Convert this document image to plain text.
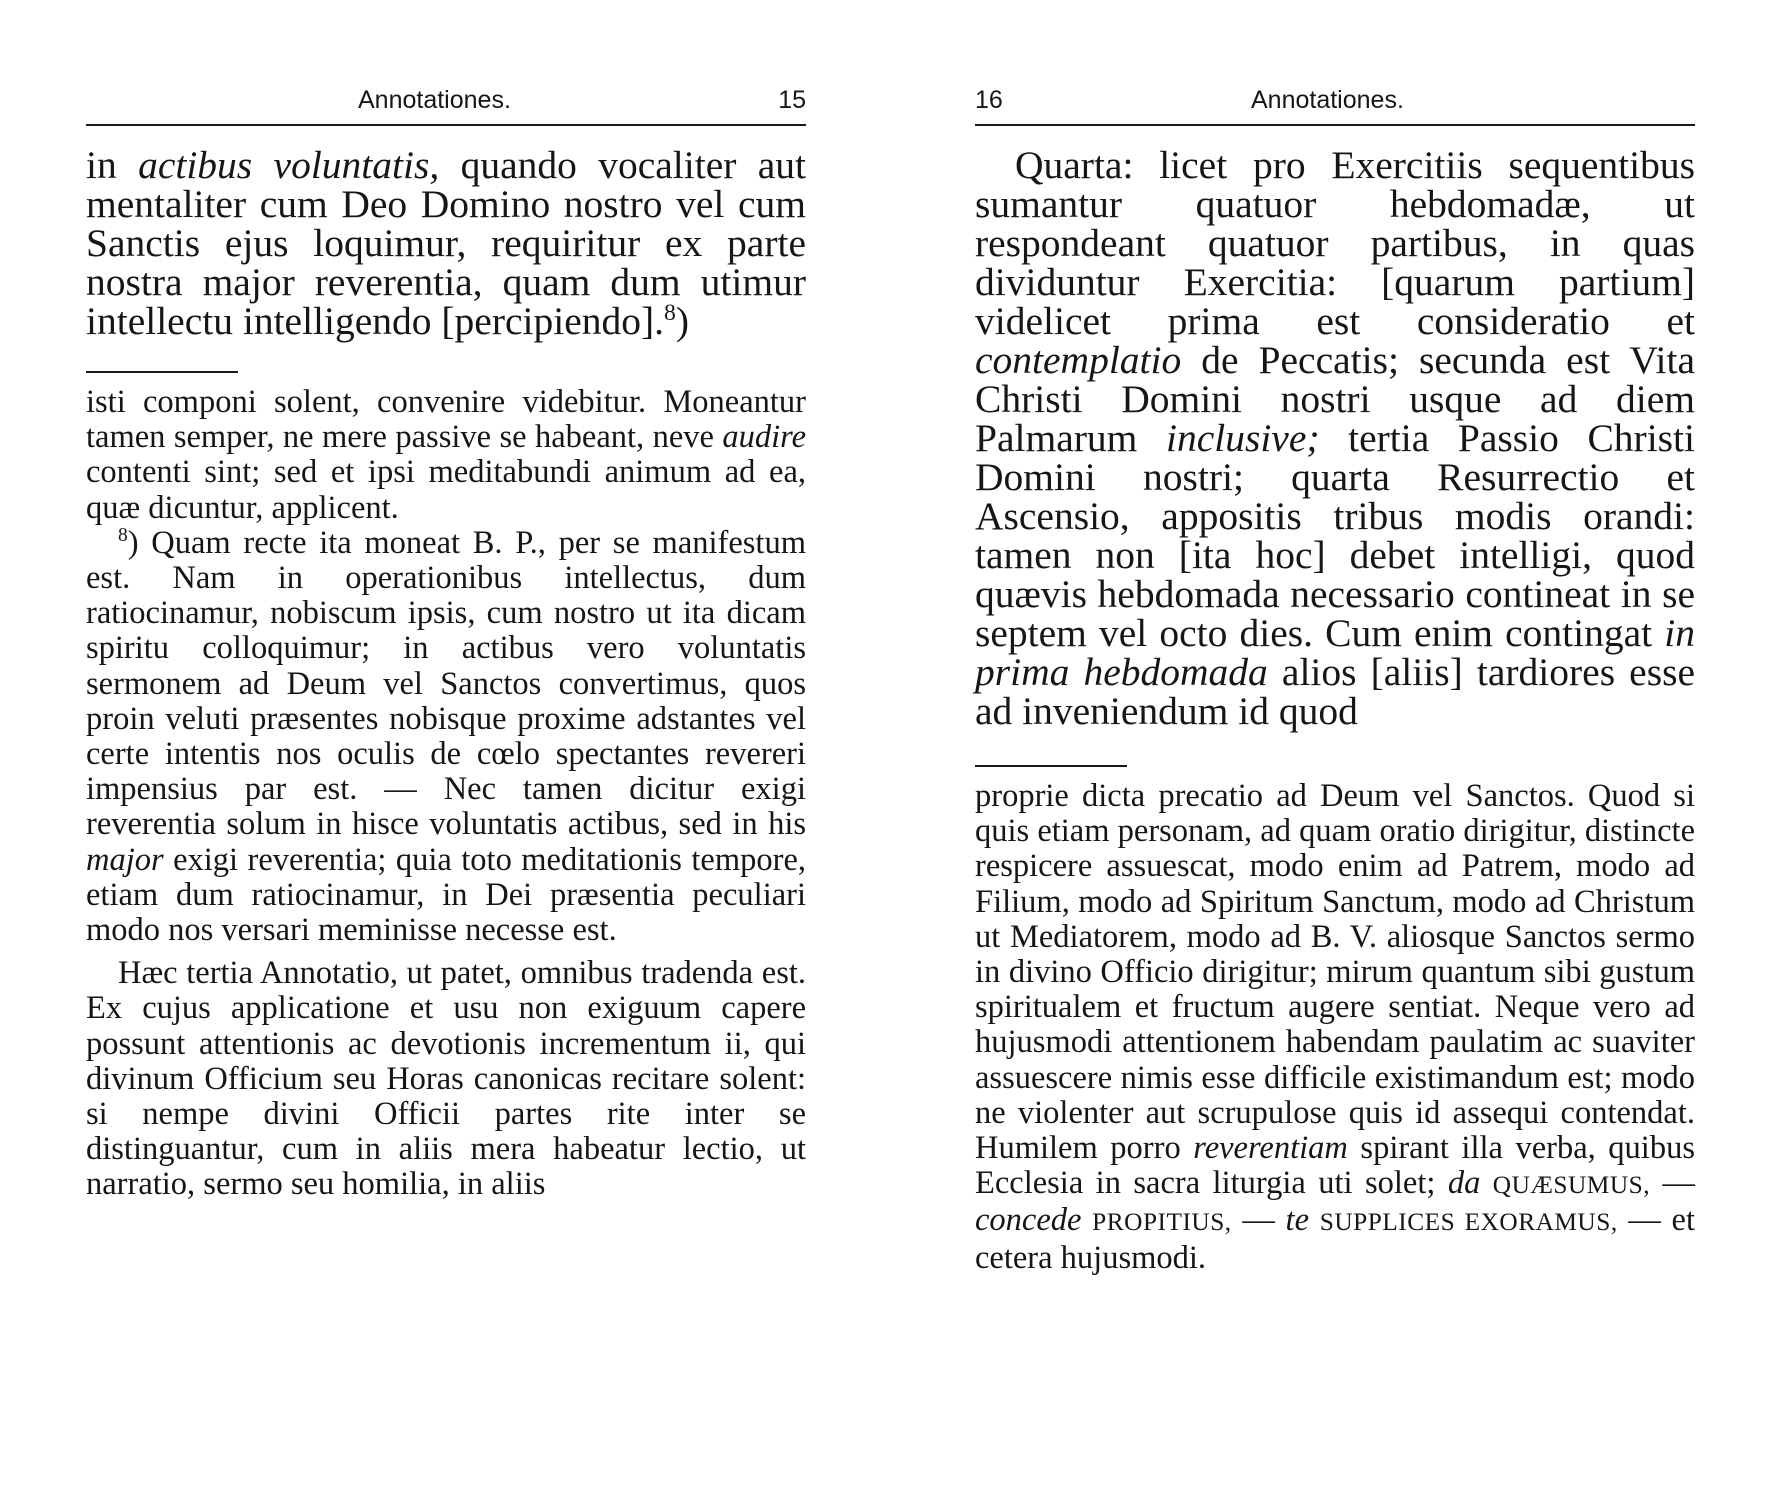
Annotationes.	15

in actibus voluntatis, quando vocaliter aut mentaliter cum Deo Domino nostro vel cum Sanctis ejus loquimur, requiritur ex parte nostra major reverentia, quam dum utimur intellectu intelligendo [percipiendo].$^8$)

isti componi solent, convenire videbitur. Moneantur tamen semper, ne mere passive se habeant, neve audire contenti sint; sed et ipsi meditabundi animum ad ea, quæ dicuntur, applicent.

$^8$) Quam recte ita moneat B. P., per se manifestum est. Nam in operationibus intellectus, dum ratiocinamur, nobiscum ipsis, cum nostro ut ita dicam spiritu colloquimur; in actibus vero voluntatis sermonem ad Deum vel Sanctos convertimus, quos proin veluti præsentes nobisque proxime adstantes vel certe intentis nos oculis de cœlo spectantes revereri impensius par est. — Nec tamen dicitur exigi reverentia solum in hisce voluntatis actibus, sed in his major exigi reverentia; quia toto meditationis tempore, etiam dum ratiocinamur, in Dei præsentia peculiari modo nos versari meminisse necesse est.

Hæc tertia Annotatio, ut patet, omnibus tradenda est. Ex cujus applicatione et usu non exiguum capere possunt attentionis ac devotionis incrementum ii, qui divinum Officium seu Horas canonicas recitare solent: si nempe divini Officii partes rite inter se distinguantur, cum in aliis mera habeatur lectio, ut narratio, sermo seu homilia, in aliis

16	Annotationes.

Quarta: licet pro Exercitiis sequentibus sumantur quatuor hebdomadæ, ut respondeant quatuor partibus, in quas dividuntur Exercitia: [quarum partium] videlicet prima est consideratio et contemplatio de Peccatis; secunda est Vita Christi Domini nostri usque ad diem Palmarum inclusive; tertia Passio Christi Domini nostri; quarta Resurrectio et Ascensio, appositis tribus modis orandi: tamen non [ita hoc] debet intelligi, quod quævis hebdomada necessario contineat in se septem vel octo dies. Cum enim contingat in prima hebdomada alios [aliis] tardiores esse ad inveniendum id quod

proprie dicta precatio ad Deum vel Sanctos. Quod si quis etiam personam, ad quam oratio dirigitur, distincte respicere assuescat, modo enim ad Patrem, modo ad Filium, modo ad Spiritum Sanctum, modo ad Christum ut Mediatorem, modo ad B. V. aliosque Sanctos sermo in divino Officio dirigitur; mirum quantum sibi gustum spiritualem et fructum augere sentiat. Neque vero ad hujusmodi attentionem habendam paulatim ac suaviter assuescere nimis esse difficile existimandum est; modo ne violenter aut scrupulose quis id assequi contendat. Humilem porro reverentiam spirant illa verba, quibus Ecclesia in sacra liturgia uti solet; da QUÆSUMUS, — concede PROPITIUS, — te SUPPLICES EXORAMUS, — et cetera hujusmodi.
